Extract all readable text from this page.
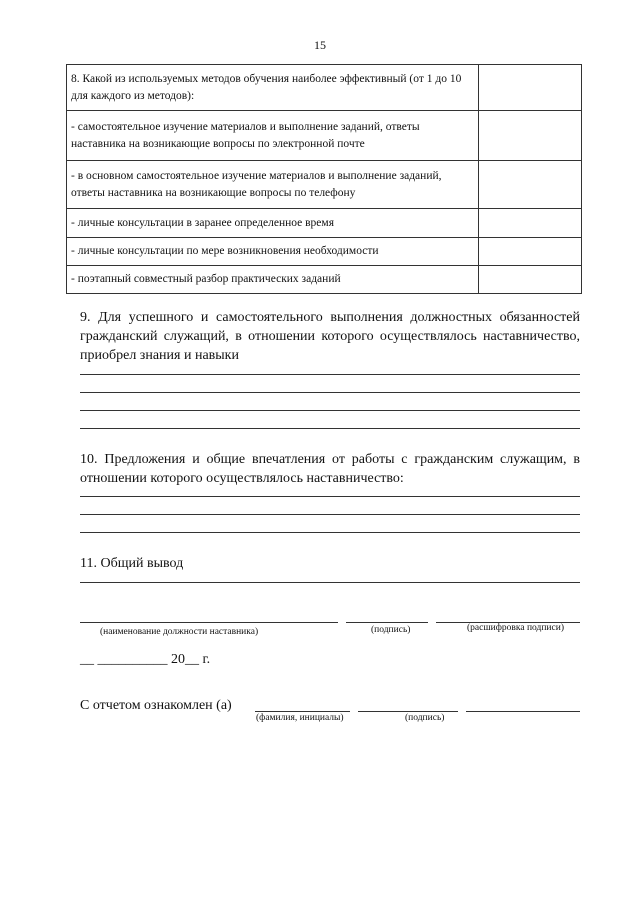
15
8. Какой из используемых методов обучения наиболее эффективный (от 1 до 10 для каждого из методов):	
- самостоятельное изучение материалов и выполнение заданий, ответы наставника на возникающие вопросы по электронной почте	
- в основном самостоятельное изучение материалов и выполнение заданий, ответы наставника на возникающие вопросы по телефону	
- личные консультации в заранее определенное время	
- личные консультации по мере возникновения необходимости	
- поэтапный совместный разбор практических заданий	
9. Для успешного и самостоятельного выполнения должностных обязанностей гражданский служащий, в отношении которого осуществлялось наставничество, приобрел знания и навыки
10. Предложения и общие впечатления от работы с гражданским служащим, в отношении которого осуществлялось наставничество:
11. Общий вывод
(наименование должности наставника)	(подпись)	(расшифровка подписи)
__ __________ 20__ г.
С отчетом ознакомлен (а)
(фамилия, инициалы)	(подпись)
